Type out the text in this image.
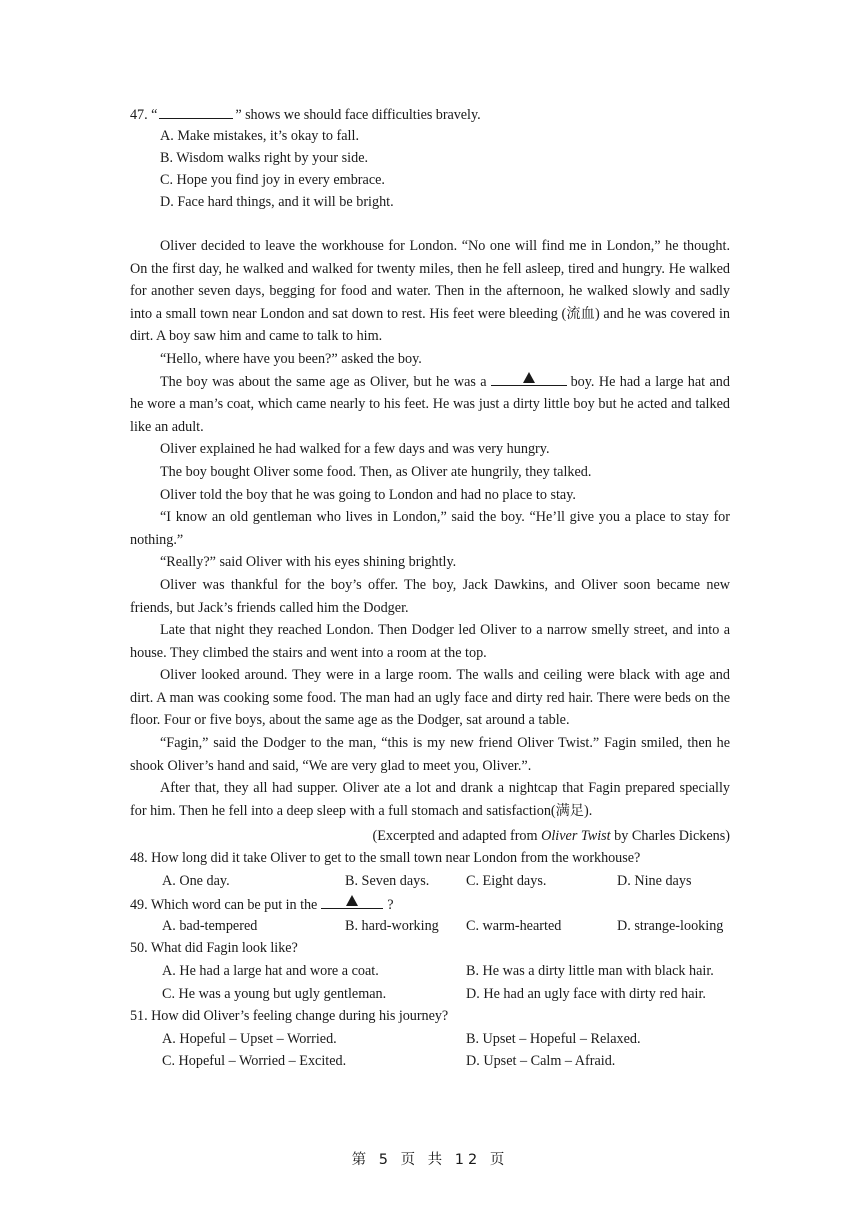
47. “	” shows we should face difficulties bravely.
A. Make mistakes, it’s okay to fall.
B. Wisdom walks right by your side.
C. Hope you find joy in every embrace.
D. Face hard things, and it will be bright.

Oliver decided to leave the workhouse for London. “No one will find me in London,” he thought. On the first day, he walked and walked for twenty miles, then he fell asleep, tired and hungry. He walked for another seven days, begging for food and water. Then in the afternoon, he walked slowly and sadly into a small town near London and sat down to rest. His feet were bleeding (流血) and he was covered in dirt. A boy saw him and came to talk to him.

“Hello, where have you been?” asked the boy.

The boy was about the same age as Oliver, but he was a	boy. He had a large hat and he wore a man’s coat, which came nearly to his feet. He was just a dirty little boy but he acted and talked like an adult.

Oliver explained he had walked for a few days and was very hungry.

The boy bought Oliver some food. Then, as Oliver ate hungrily, they talked.

Oliver told the boy that he was going to London and had no place to stay.

“I know an old gentleman who lives in London,” said the boy. “He’ll give you a place to stay for nothing.”

“Really?” said Oliver with his eyes shining brightly.

Oliver was thankful for the boy’s offer. The boy, Jack Dawkins, and Oliver soon became new friends, but Jack’s friends called him the Dodger.

Late that night they reached London. Then Dodger led Oliver to a narrow smelly street, and into a house. They climbed the stairs and went into a room at the top.

Oliver looked around. They were in a large room. The walls and ceiling were black with age and dirt. A man was cooking some food. The man had an ugly face and dirty red hair. There were beds on the floor. Four or five boys, about the same age as the Dodger, sat around a table.

“Fagin,” said the Dodger to the man, “this is my new friend Oliver Twist.” Fagin smiled, then he shook Oliver’s hand and said, “We are very glad to meet you, Oliver.”.

After that, they all had supper. Oliver ate a lot and drank a nightcap that Fagin prepared specially for him. Then he fell into a deep sleep with a full stomach and satisfaction(满足).

(Excerpted and adapted from Oliver Twist by Charles Dickens)
48. How long did it take Oliver to get to the small town near London from the workhouse?
A. One day.	B. Seven days.	C. Eight days.	D. Nine days
49. Which word can be put in the	?
A. bad-tempered	B. hard-working C. warm-hearted	D. strange-looking
50. What did Fagin look like?
A. He had a large hat and wore a coat.	B. He was a dirty little man with black hair.
C. He was a young but ugly gentleman.	D. He had an ugly face with dirty red hair.
51. How did Oliver’s feeling change during his journey?
A. Hopeful – Upset – Worried.	B. Upset – Hopeful – Relaxed.
C. Hopeful – Worried – Excited.	D. Upset – Calm – Afraid.
第 5 页 共 12 页
